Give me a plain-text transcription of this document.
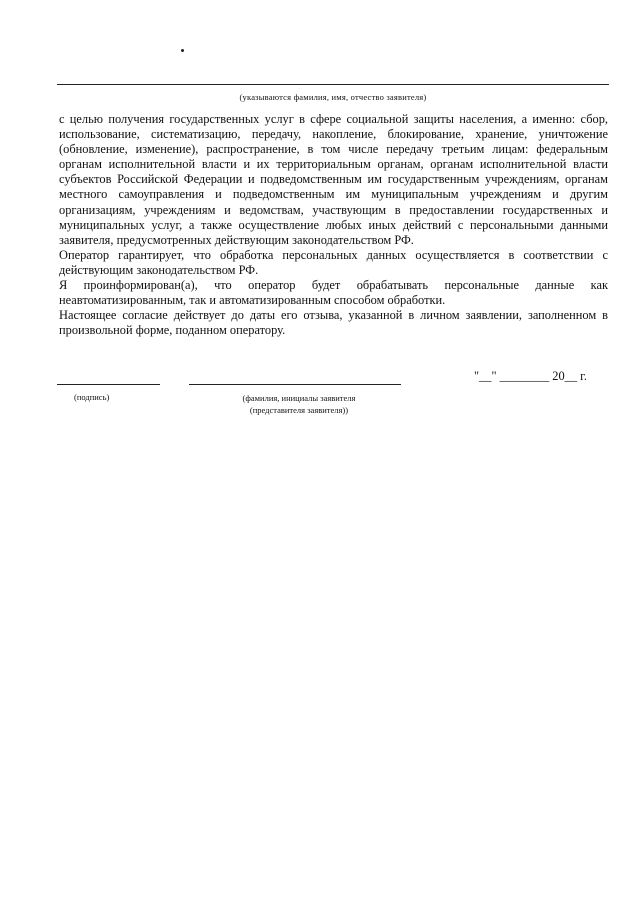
(указываются фамилия, имя, отчество заявителя)

с целью получения государственных услуг в сфере социальной защиты населения, а именно: сбор, использование, систематизацию, передачу, накопление, блокирование, хранение, уничтожение (обновление, изменение), распространение, в том числе передачу третьим лицам: федеральным органам исполнительной власти и их территориальным органам, органам исполнительной власти субъектов Российской Федерации и подведомственным им государственным учреждениям, органам местного самоуправления и подведомственным им муниципальным учреждениям и другим организациям, учреждениям и ведомствам, участвующим в предоставлении государственных и муниципальных услуг, а также осуществление любых иных действий с персональными данными заявителя, предусмотренных действующим законодательством РФ.

Оператор гарантирует, что обработка персональных данных осуществляется в соответствии с действующим законодательством РФ.

Я проинформирован(а), что оператор будет обрабатывать персональные данные как неавтоматизированным, так и автоматизированным способом обработки.

Настоящее согласие действует до даты его отзыва, указанной в личном заявлении, заполненном в произвольной форме, поданном оператору.

(подпись)	(фамилия, инициалы заявителя
(представителя заявителя))
"__" ________ 20__ г.
